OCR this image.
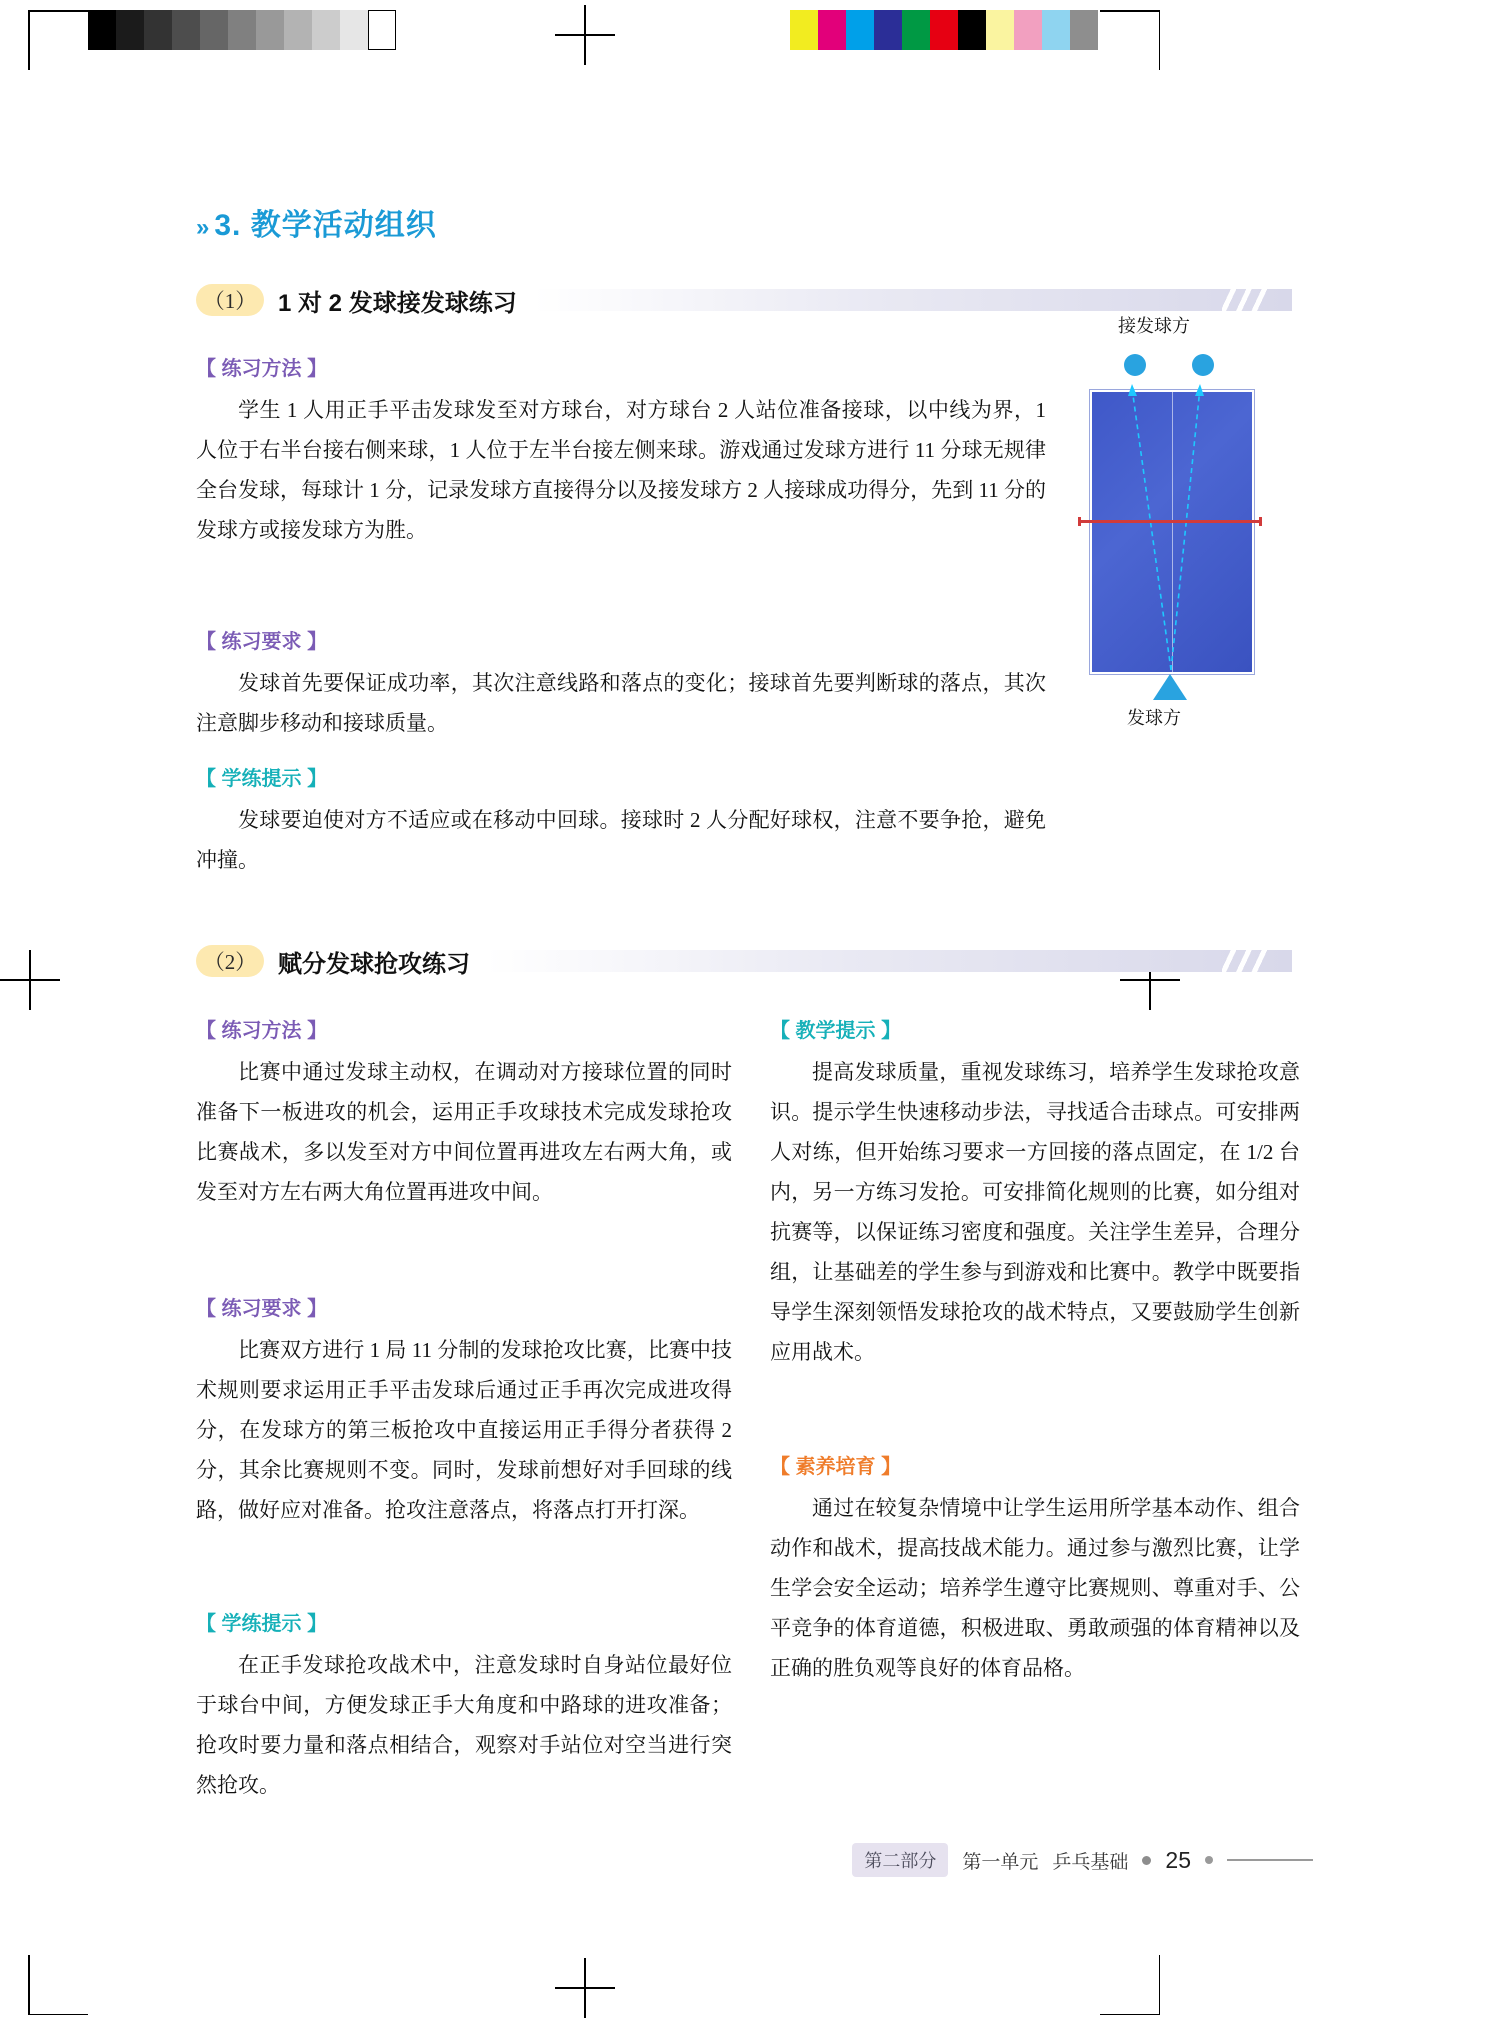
» 3. 教学活动组织
（1） 1 对 2 发球接发球练习
【 练习方法 】
学生 1 人用正手平击发球发至对方球台，对方球台 2 人站位准备接球，以中线为界，1 人位于右半台接右侧来球，1 人位于左半台接左侧来球。游戏通过发球方进行 11 分球无规律全台发球，每球计 1 分，记录发球方直接得分以及接发球方 2 人接球成功得分，先到 11 分的发球方或接发球方为胜。
【 练习要求 】
发球首先要保证成功率，其次注意线路和落点的变化；接球首先要判断球的落点，其次注意脚步移动和接球质量。
【 学练提示 】
发球要迫使对方不适应或在移动中回球。接球时 2 人分配好球权，注意不要争抢，避免冲撞。
接发球方
发球方
（2） 赋分发球抢攻练习
【 练习方法 】
比赛中通过发球主动权，在调动对方接球位置的同时准备下一板进攻的机会，运用正手攻球技术完成发球抢攻比赛战术，多以发至对方中间位置再进攻左右两大角，或发至对方左右两大角位置再进攻中间。
【 练习要求 】
比赛双方进行 1 局 11 分制的发球抢攻比赛，比赛中技术规则要求运用正手平击发球后通过正手再次完成进攻得分，在发球方的第三板抢攻中直接运用正手得分者获得 2 分，其余比赛规则不变。同时，发球前想好对手回球的线路，做好应对准备。抢攻注意落点，将落点打开打深。
【 学练提示 】
在正手发球抢攻战术中，注意发球时自身站位最好位于球台中间，方便发球正手大角度和中路球的进攻准备；抢攻时要力量和落点相结合，观察对手站位对空当进行突然抢攻。
【 教学提示 】
提高发球质量，重视发球练习，培养学生发球抢攻意识。提示学生快速移动步法，寻找适合击球点。可安排两人对练，但开始练习要求一方回接的落点固定，在 1/2 台内，另一方练习发抢。可安排简化规则的比赛，如分组对抗赛等，以保证练习密度和强度。关注学生差异，合理分组，让基础差的学生参与到游戏和比赛中。教学中既要指导学生深刻领悟发球抢攻的战术特点，又要鼓励学生创新应用战术。
【 素养培育 】
通过在较复杂情境中让学生运用所学基本动作、组合动作和战术，提高技战术能力。通过参与激烈比赛，让学生学会安全运动；培养学生遵守比赛规则、尊重对手、公平竞争的体育道德，积极进取、勇敢顽强的体育精神以及正确的胜负观等良好的体育品格。
第二部分	第一单元 乒乓基础 25
